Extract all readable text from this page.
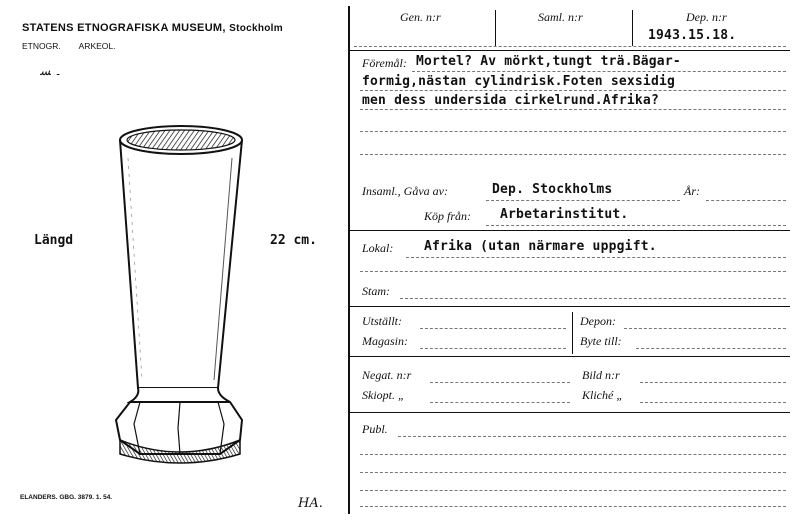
STATENS ETNOGRAFISKA MUSEUM, Stockholm
ETNOGR. ARKEOL.
۔ ﺴ
Längd	22 cm.
ELANDERS. GBG. 3879. 1. 54.	HA.
Gen. n:r	Saml. n:r	Dep. n:r
1943.15.18.
Föremål: Mortel? Av mörkt,tungt trä.Bägar-
formig,nästan cylindrisk.Foten sexsidig
men dess undersida cirkelrund.Afrika?
Insaml., Gåva av:	Dep. Stockholms	År:
Köp från: Arbetarinstitut.
Lokal: Afrika (utan närmare uppgift.
Stam:
Utställt:	Depon:
Magasin:	Byte till:
Negat. n:r	Bild n:r
Skiopt. „	Kliché „
Publ.
